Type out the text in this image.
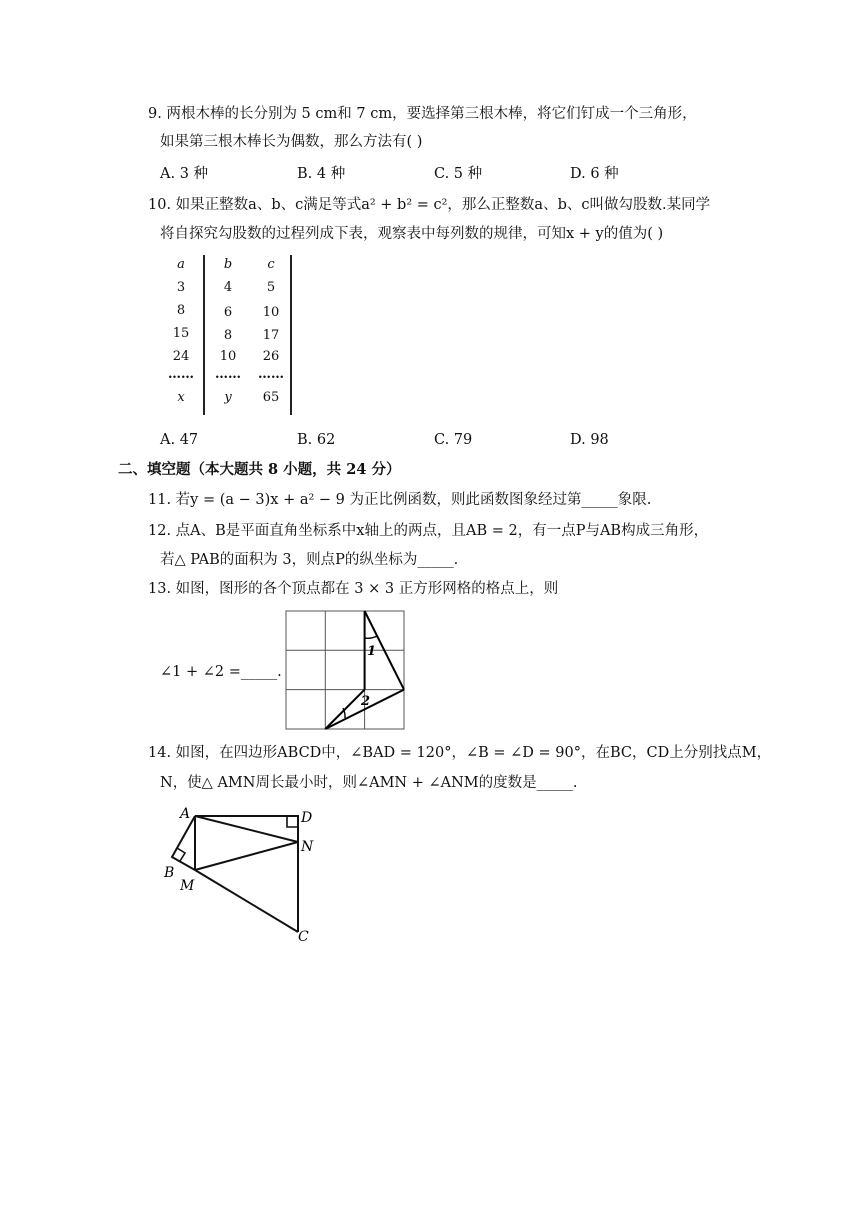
9. 两根木棒的长分别为 5 cm和 7 cm，要选择第三根木棒，将它们钉成一个三角形，
如果第三根木棒长为偶数，那么方法有( )
A. 3 种	B. 4 种	C. 5 种	D. 6 种
10. 如果正整数a、b、c满足等式a² + b² = c²，那么正整数a、b、c叫做勾股数.某同学
将自探究勾股数的过程列成下表，观察表中每列数的规律，可知x + y的值为( )
a	b	c
3	4	5
8	6	10
15	8	17
24	10	26
……	……	……
x	y	65
A. 47	B. 62	C. 79	D. 98
二、填空题（本大题共 8 小题，共 24 分）
11. 若y = (a − 3)x + a² − 9 为正比例函数，则此函数图象经过第_____象限.
12. 点A、B是平面直角坐标系中x轴上的两点，且AB = 2，有一点P与AB构成三角形，
若△ PAB的面积为 3，则点P的纵坐标为_____.
13. 如图，图形的各个顶点都在 3 × 3 正方形网格的格点上，则
∠1 + ∠2 =_____.
1
2
14. 如图，在四边形ABCD中，∠BAD = 120°，∠B = ∠D = 90°，在BC，CD上分别找点M，
N，使△ AMN周长最小时，则∠AMN + ∠ANM的度数是_____.
A
B
M
D
N
C
